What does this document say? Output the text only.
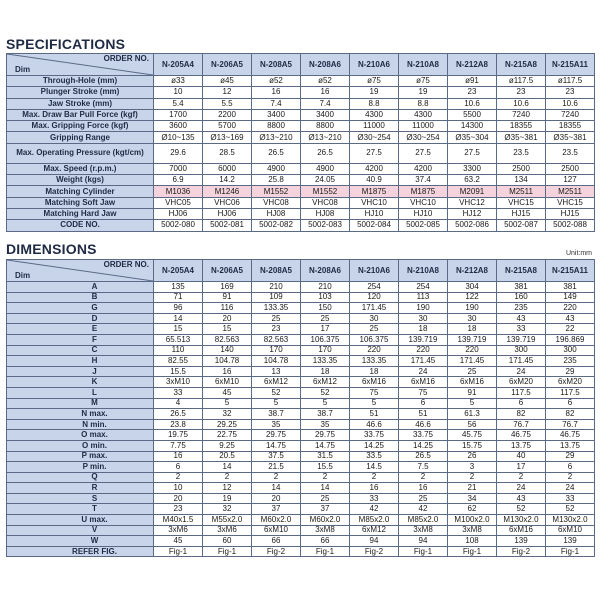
SPECIFICATIONS
ORDER NO.
Dim	N-205A4	N-206A5	N-208A5	N-208A6	N-210A6	N-210A8	N-212A8	N-215A8	N-215A11
Through-Hole (mm)	ø33	ø45	ø52	ø52	ø75	ø75	ø91	ø117.5	ø117.5
Plunger Stroke (mm)	10	12	16	16	19	19	23	23	23
Jaw Stroke (mm)	5.4	5.5	7.4	7.4	8.8	8.8	10.6	10.6	10.6
Max. Draw Bar Pull Force (kgf)	1700	2200	3400	3400	4300	4300	5500	7240	7240
Max. Gripping Force (kgf)	3600	5700	8800	8800	11000	11000	14300	18355	18355
Gripping Range	Ø10~135	Ø13~169	Ø13~210	Ø13~210	Ø30~254	Ø30~254	Ø35~304	Ø35~381	Ø35~381
Max. Operating Pressure (kgt/cm)	29.6	28.5	26.5	26.5	27.5	27.5	27.5	23.5	23.5
Max. Speed (r.p.m.)	7000	6000	4900	4900	4200	4200	3300	2500	2500
Weight (kgs)	6.9	14.2	25.8	24.05	40.9	37.4	63.2	134	127
Matching Cylinder	M1036	M1246	M1552	M1552	M1875	M1875	M2091	M2511	M2511
Matching Soft Jaw	VHC05	VHC06	VHC08	VHC08	VHC10	VHC10	VHC12	VHC15	VHC15
Matching Hard Jaw	HJ06	HJ06	HJ08	HJ08	HJ10	HJ10	HJ12	HJ15	HJ15
CODE NO.	5002-080	5002-081	5002-082	5002-083	5002-084	5002-085	5002-086	5002-087	5002-088
DIMENSIONS	Unit:mm
ORDER NO.
Dim	N-205A4	N-206A5	N-208A5	N-208A6	N-210A6	N-210A8	N-212A8	N-215A8	N-215A11
A	135	169	210	210	254	254	304	381	381
B	71	91	109	103	120	113	122	160	149
G	96	116	133.35	150	171.45	190	190	235	220
D	14	20	25	25	30	30	30	43	43
E	15	15	23	17	25	18	18	33	22
F	65.513	82.563	82.563	106.375	106.375	139.719	139.719	139.719	196.869
C	110	140	170	170	220	220	220	300	300
H	82.55	104.78	104.78	133.35	133.35	171.45	171.45	171.45	235
J	15.5	16	13	18	18	24	25	24	29
K	3xM10	6xM10	6xM12	6xM12	6xM16	6xM16	6xM16	6xM20	6xM20
L	33	45	52	52	75	75	91	117.5	117.5
M	4	5	5	5	5	6	5	6	6
N max.	26.5	32	38.7	38.7	51	51	61.3	82	82
N min.	23.8	29.25	35	35	46.6	46.6	56	76.7	76.7
O max.	19.75	22.75	29.75	29.75	33.75	33.75	45.75	46.75	46.75
O min.	7.75	9.25	14.75	14.75	14.25	14.25	15.75	13.75	13.75
P max.	16	20.5	37.5	31.5	33.5	26.5	26	40	29
P min.	6	14	21.5	15.5	14.5	7.5	3	17	6
Q	2	2	2	2	2	2	2	2	2
R	10	12	14	14	16	16	21	24	24
S	20	19	20	25	33	25	34	43	33
T	23	32	37	37	42	42	62	52	52
U max.	M40x1.5	M55x2.0	M60x2.0	M60x2.0	M85x2.0	M85x2.0	M100x2.0	M130x2.0	M130x2.0
V	3xM6	3xM6	6xM10	3xM8	6xM12	3xM8	3xM8	6xM16	6xM10
W	45	60	66	66	94	94	108	139	139
REFER FIG.	Fig-1	Fig-1	Fig-2	Fig-1	Fig-2	Fig-1	Fig-1	Fig-2	Fig-1
